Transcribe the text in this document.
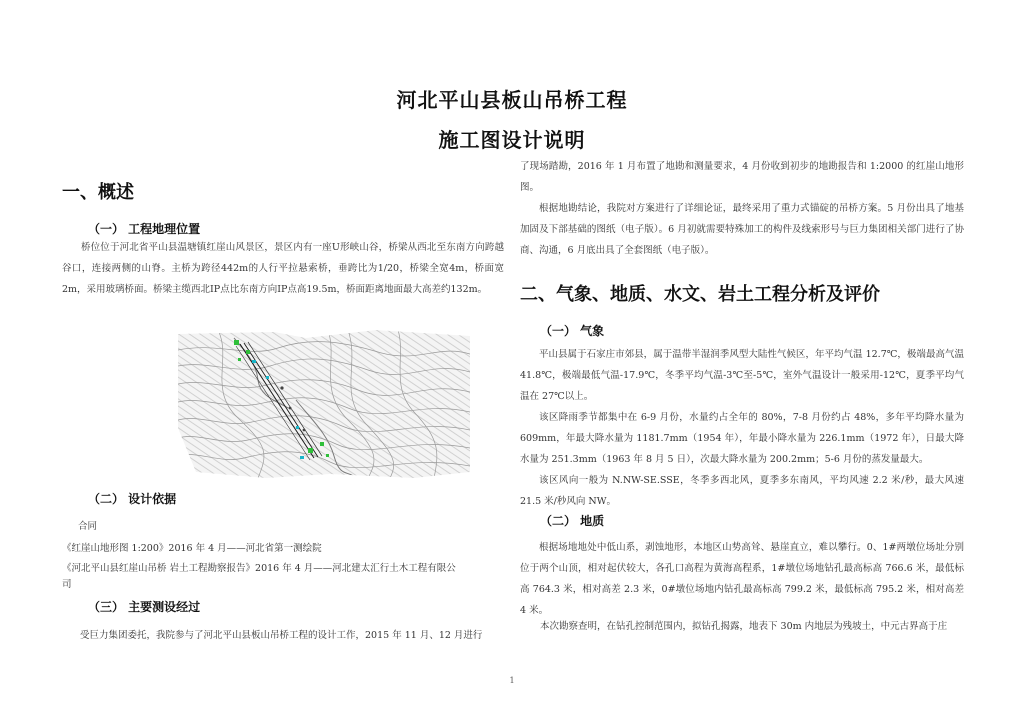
河北平山县板山吊桥工程
施工图设计说明
一、概述
（一） 工程地理位置

桥位位于河北省平山县温塘镇红崖山风景区，景区内有一座U形峡山谷，桥梁从西北至东南方向跨越谷口，连接两侧的山脊。主桥为跨径442m的人行平拉悬索桥，垂跨比为1/20，桥梁全宽4m，桥面宽2m，采用玻璃桥面。桥梁主缆西北IP点比东南方向IP点高19.5m，桥面距离地面最大高差约132m。

（二） 设计依据
合同
《红崖山地形图 1:200》2016 年 4 月——河北省第一测绘院
《河北平山县红崖山吊桥 岩土工程勘察报告》2016 年 4 月——河北建太汇行土木工程有限公
司
（三） 主要测设经过
受巨力集团委托，我院参与了河北平山县板山吊桥工程的设计工作，2015 年 11 月、12 月进行

了现场踏勘，2016 年 1 月布置了地勘和测量要求，4 月份收到初步的地勘报告和 1:2000 的红崖山地形图。

根据地勘结论，我院对方案进行了详细论证，最终采用了重力式锚碇的吊桥方案。5 月份出具了地基加固及下部基础的图纸（电子版）。6 月初就需要特殊加工的构件及线索形号与巨力集团相关部门进行了协商、沟通，6 月底出具了全套图纸（电子版）。

二、气象、地质、水文、岩土工程分析及评价
（一） 气象

平山县属于石家庄市郊县，属于温带半湿润季风型大陆性气候区，年平均气温 12.7℃，极端最高气温 41.8℃，极端最低气温-17.9℃，冬季平均气温-3℃至-5℃，室外气温设计一般采用-12℃，夏季平均气温在 27℃以上。

该区降雨季节都集中在 6-9 月份，水量约占全年的 80%，7-8 月份约占 48%，多年平均降水量为 609mm，年最大降水量为 1181.7mm（1954 年），年最小降水量为 226.1mm（1972 年），日最大降水量为 251.3mm（1963 年 8 月 5 日），次最大降水量为 200.2mm；5-6 月份的蒸发量最大。

该区风向一般为 N.NW-SE.SSE，冬季多西北风，夏季多东南风，平均风速 2.2 米/秒，最大风速 21.5 米/秒风向 NW。

（二） 地质

根据场地地处中低山系，剥蚀地形，本地区山势高耸、悬崖直立，难以攀行。0、1#两墩位场址分别位于两个山顶，相对起伏较大，各孔口高程为黄海高程系，1#墩位场地钻孔最高标高 766.6 米，最低标高 764.3 米，相对高差 2.3 米，0#墩位场地内钻孔最高标高 799.2 米，最低标高 795.2 米，相对高差 4 米。

本次勘察查明，在钻孔控制范围内，拟钻孔揭露，地表下 30m 内地层为残坡土，中元古界高于庄
1
